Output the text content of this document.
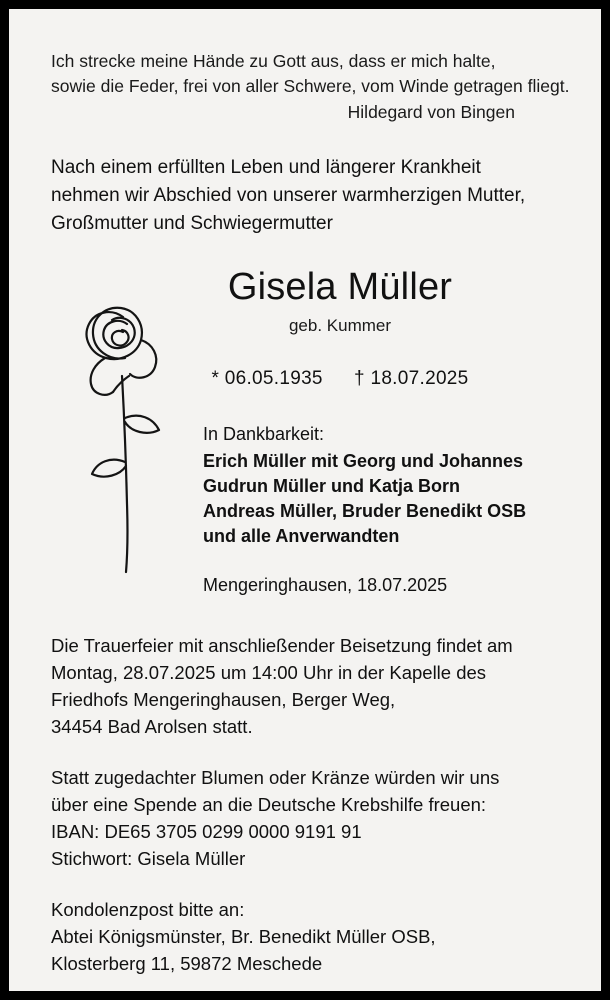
Ich strecke meine Hände zu Gott aus, dass er mich halte,
sowie die Feder, frei von aller Schwere, vom Winde getragen fliegt.
Hildegard von Bingen
Nach einem erfüllten Leben und längerer Krankheit
nehmen wir Abschied von unserer warmherzigen Mutter,
Großmutter und Schwiegermutter
Gisela Müller
geb. Kummer
* 06.05.1935 † 18.07.2025
In Dankbarkeit:
Erich Müller mit Georg und Johannes
Gudrun Müller und Katja Born
Andreas Müller, Bruder Benedikt OSB
und alle Anverwandten
Mengeringhausen, 18.07.2025
Die Trauerfeier mit anschließender Beisetzung findet am
Montag, 28.07.2025 um 14:00 Uhr in der Kapelle des
Friedhofs Mengeringhausen, Berger Weg,
34454 Bad Arolsen statt.
Statt zugedachter Blumen oder Kränze würden wir uns
über eine Spende an die Deutsche Krebshilfe freuen:
IBAN: DE65 3705 0299 0000 9191 91
Stichwort: Gisela Müller
Kondolenzpost bitte an:
Abtei Königsmünster, Br. Benedikt Müller OSB,
Klosterberg 11, 59872 Meschede
